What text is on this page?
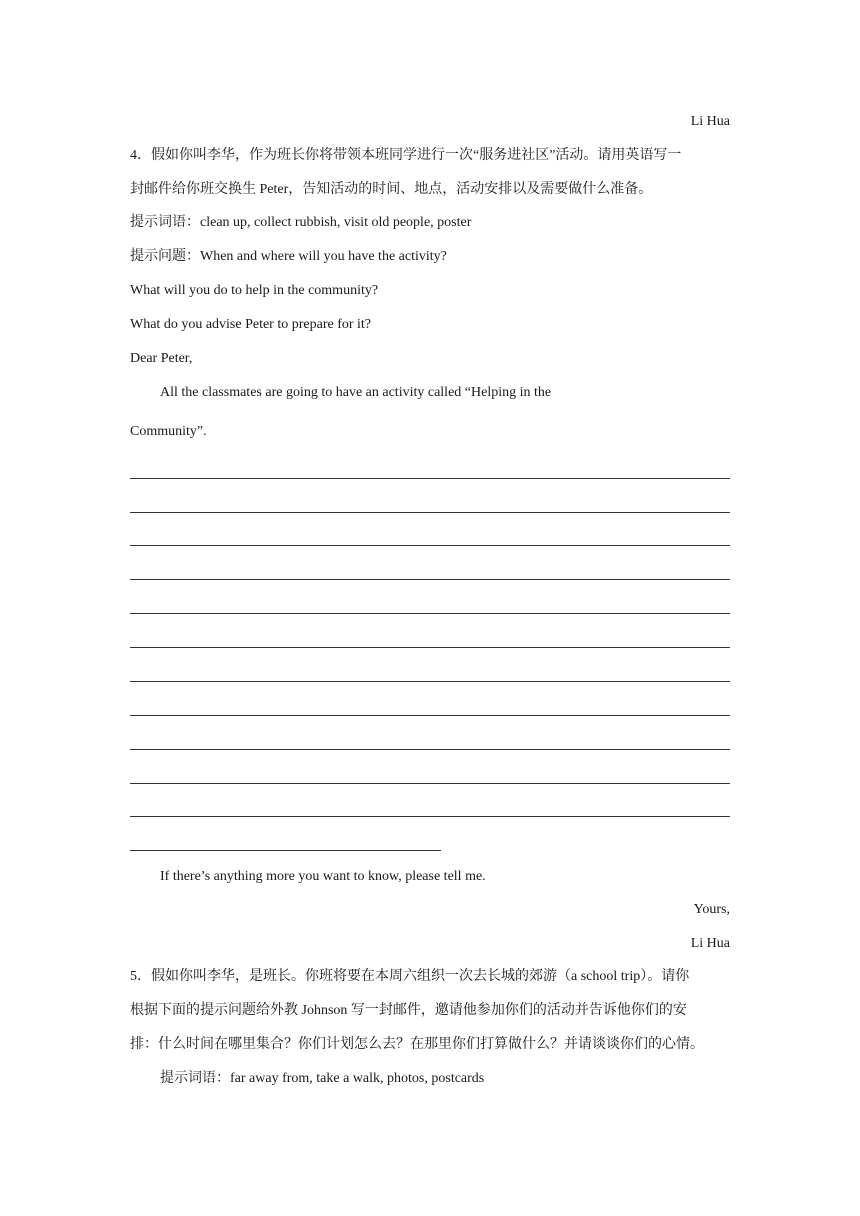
Li Hua
4．假如你叫李华，作为班长你将带领本班同学进行一次“服务进社区”活动。请用英语写一
封邮件给你班交换生 Peter，告知活动的时间、地点，活动安排以及需要做什么准备。
提示词语：clean up, collect rubbish, visit old people, poster
提示问题：When and where will you have the activity?
What will you do to help in the community?
What do you advise Peter to prepare for it?
Dear Peter,
All the classmates are going to have an activity called “Helping in the
Community”.
If there’s anything more you want to know, please tell me.
Yours,
Li Hua
5．假如你叫李华，是班长。你班将要在本周六组织一次去长城的郊游（a school trip）。请你
根据下面的提示问题给外教 Johnson 写一封邮件，邀请他参加你们的活动并告诉他你们的安
排：什么时间在哪里集合？你们计划怎么去？在那里你们打算做什么？并请谈谈你们的心情。
提示词语：far away from, take a walk, photos, postcards
